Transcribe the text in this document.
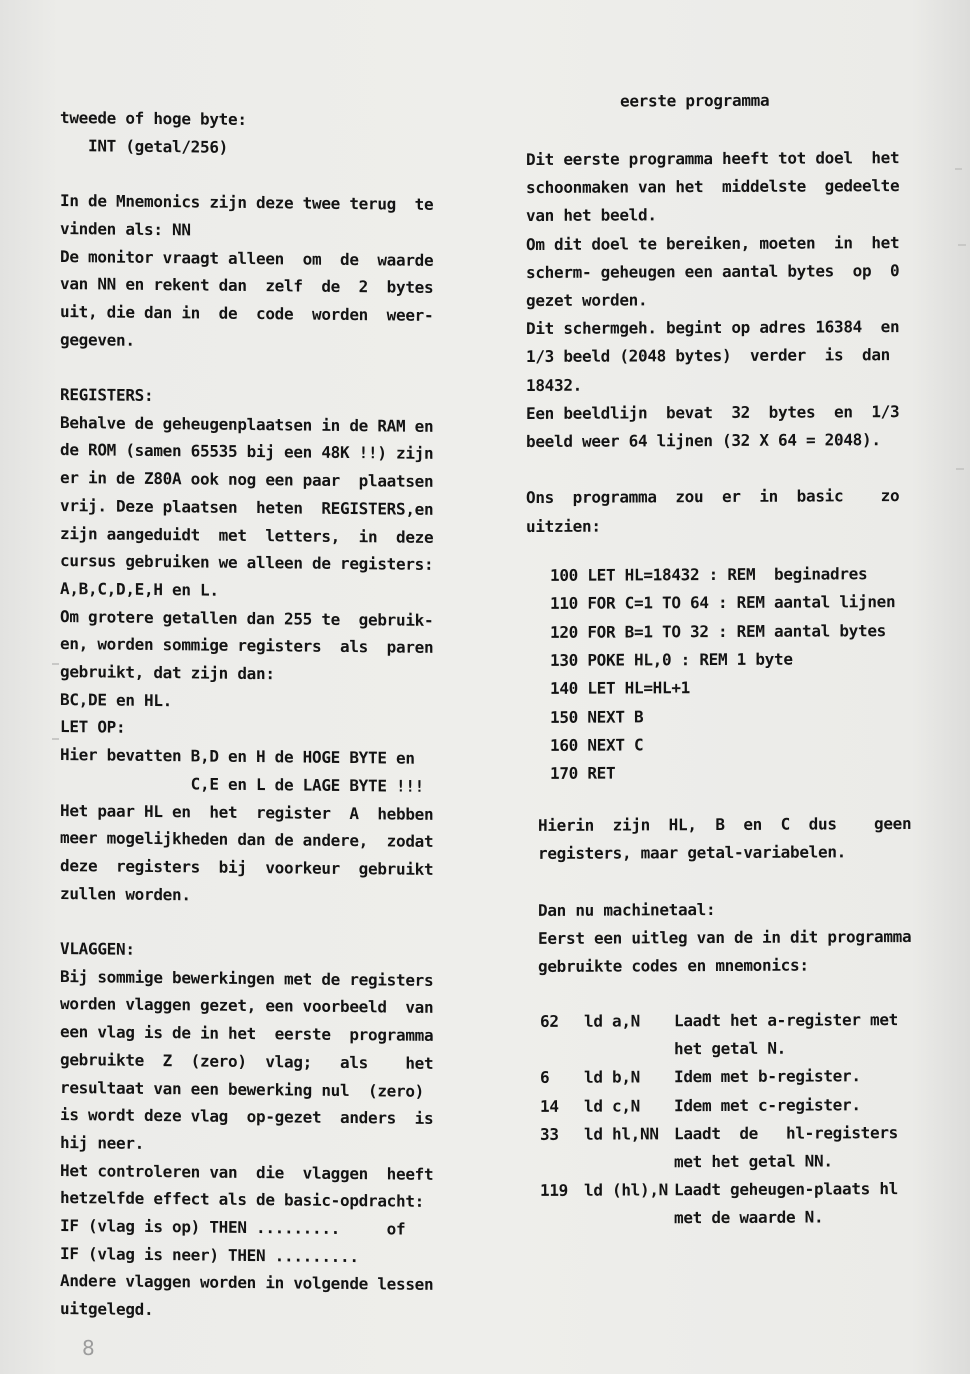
tweede of hoge byte:
INT (getal/256)
In de Mnemonics zijn deze twee terug  te
vinden als: NN
De monitor vraagt alleen  om  de  waarde
van NN en rekent dan  zelf  de  2  bytes
uit, die dan in  de  code  worden  weer-
gegeven.
REGISTERS:
Behalve de geheugenplaatsen in de RAM en
de ROM (samen 65535 bij een 48K !!) zijn
er in de Z80A ook nog een paar  plaatsen
vrij. Deze plaatsen  heten  REGISTERS,en
zijn aangeduidt  met  letters,  in  deze
cursus gebruiken we alleen de registers:
A,B,C,D,E,H en L.
Om grotere getallen dan 255 te  gebruik-
en, worden sommige registers  als  paren
gebruikt, dat zijn dan:
BC,DE en HL.
LET OP:
Hier bevatten B,D en H de HOGE BYTE en
C,E en L de LAGE BYTE !!!
Het paar HL en  het  register  A  hebben
meer mogelijkheden dan de andere,  zodat
deze  registers  bij  voorkeur  gebruikt
zullen worden.
VLAGGEN:
Bij sommige bewerkingen met de registers
worden vlaggen gezet, een voorbeeld  van
een vlag is de in het  eerste  programma
gebruikte  Z  (zero)  vlag;   als    het
resultaat van een bewerking nul  (zero)
is wordt deze vlag  op-gezet  anders  is
hij neer.
Het controleren van  die  vlaggen  heeft
hetzelfde effect als de basic-opdracht:
IF (vlag is op) THEN .........     of
IF (vlag is neer) THEN .........
Andere vlaggen worden in volgende lessen
uitgelegd.
eerste programma
Dit eerste programma heeft tot doel  het
schoonmaken van het  middelste  gedeelte
van het beeld.
Om dit doel te bereiken, moeten  in  het
scherm- geheugen een aantal bytes  op  0
gezet worden.
Dit schermgeh. begint op adres 16384  en
1/3 beeld (2048 bytes)  verder  is  dan
18432.
Een beeldlijn  bevat  32  bytes  en  1/3
beeld weer 64 lijnen (32 X 64 = 2048).
Ons  programma  zou  er  in  basic    zo
uitzien:
100 LET HL=18432 : REM  beginadres
110 FOR C=1 TO 64 : REM aantal lijnen
120 FOR B=1 TO 32 : REM aantal bytes
130 POKE HL,0 : REM 1 byte
140 LET HL=HL+1
150 NEXT B
160 NEXT C
170 RET
Hierin  zijn  HL,  B  en  C  dus    geen
registers, maar getal-variabelen.
Dan nu machinetaal:
Eerst een uitleg van de in dit programma
gebruikte codes en mnemonics:
62 ld a,N Laadt het a-register met
het getal N.
6 ld b,N Idem met b-register.
14 ld c,N Idem met c-register.
33 ld hl,NN Laadt  de   hl-registers
met het getal NN.
119 ld (hl),N Laadt geheugen-plaats hl
met de waarde N.
8
